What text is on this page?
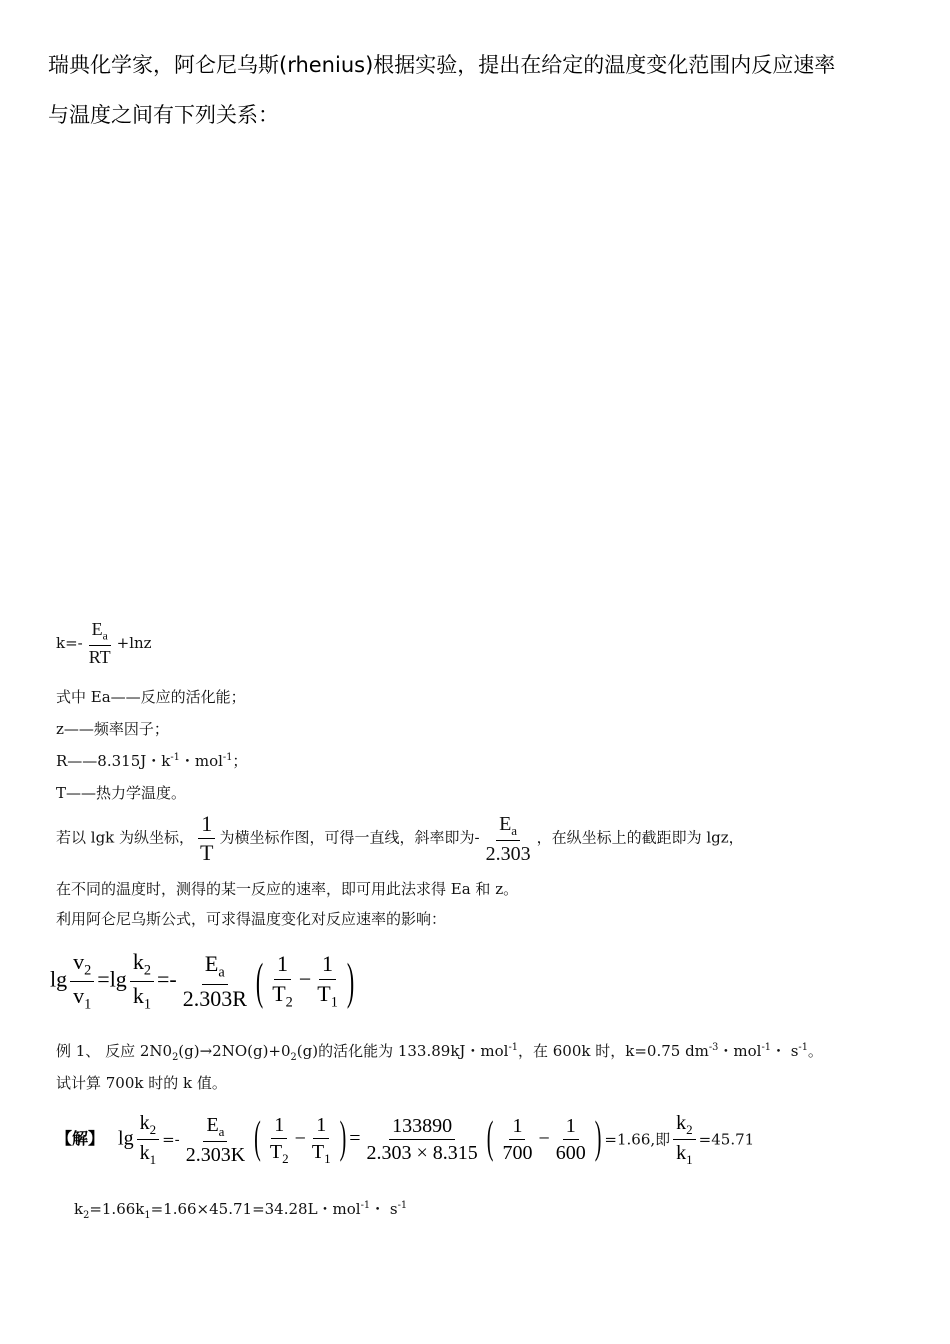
瑞典化学家，阿仑尼乌斯(rhenius)根据实验，提出在给定的温度变化范围内反应速率
与温度之间有下列关系：
$k=- \frac{E_a}{RT} +\ln z$
式中 Ea——反应的活化能；
z——频率因子；
R——8.315J・$k^{-1}$・mol$^{-1}$；
T——热力学温度。
若以 lgk 为纵坐标， $\frac{1}{T}$ 为横坐标作图，可得一直线，斜率即为- $\frac{E_a}{2.303}$ ，在纵坐标上的截距即为 lgz，
在不同的温度时，测得的某一反应的速率，即可用此法求得 Ea 和 z。
利用阿仑尼乌斯公式，可求得温度变化对反应速率的影响：
$\lg \frac{v_2}{v_1} =\lg \frac{k_2}{k_1} =- \frac{E_a}{2.303R}$ ( $\frac{1}{T_2} - \frac{1}{T_1}$ )
例 1、 反应 $2N0_2(g)\to 2NO(g)+0_2(g)$的活化能为 133.89kJ・mol$^{-1}$，在 600k 时，k=0.75 $dm^{-3}$・mol$^{-1}$・ $s^{-1}$。
试计算 700k 时的 k 值。
【解】 $\lg \frac{k_2}{k_1} =- \frac{E_a}{2.303K}$ ( $\frac{1}{T_2} - \frac{1}{T_1}$ ) = $\frac{133890}{2.303 \times 8.315}$ ( $\frac{1}{700} - \frac{1}{600}$ ) =1.66,即 $\frac{k_2}{k_1} =45.71$
$k_2=1.66k_1=1.66\times 45.71=34.28L$・mol$^{-1}$・ $s^{-1}$
